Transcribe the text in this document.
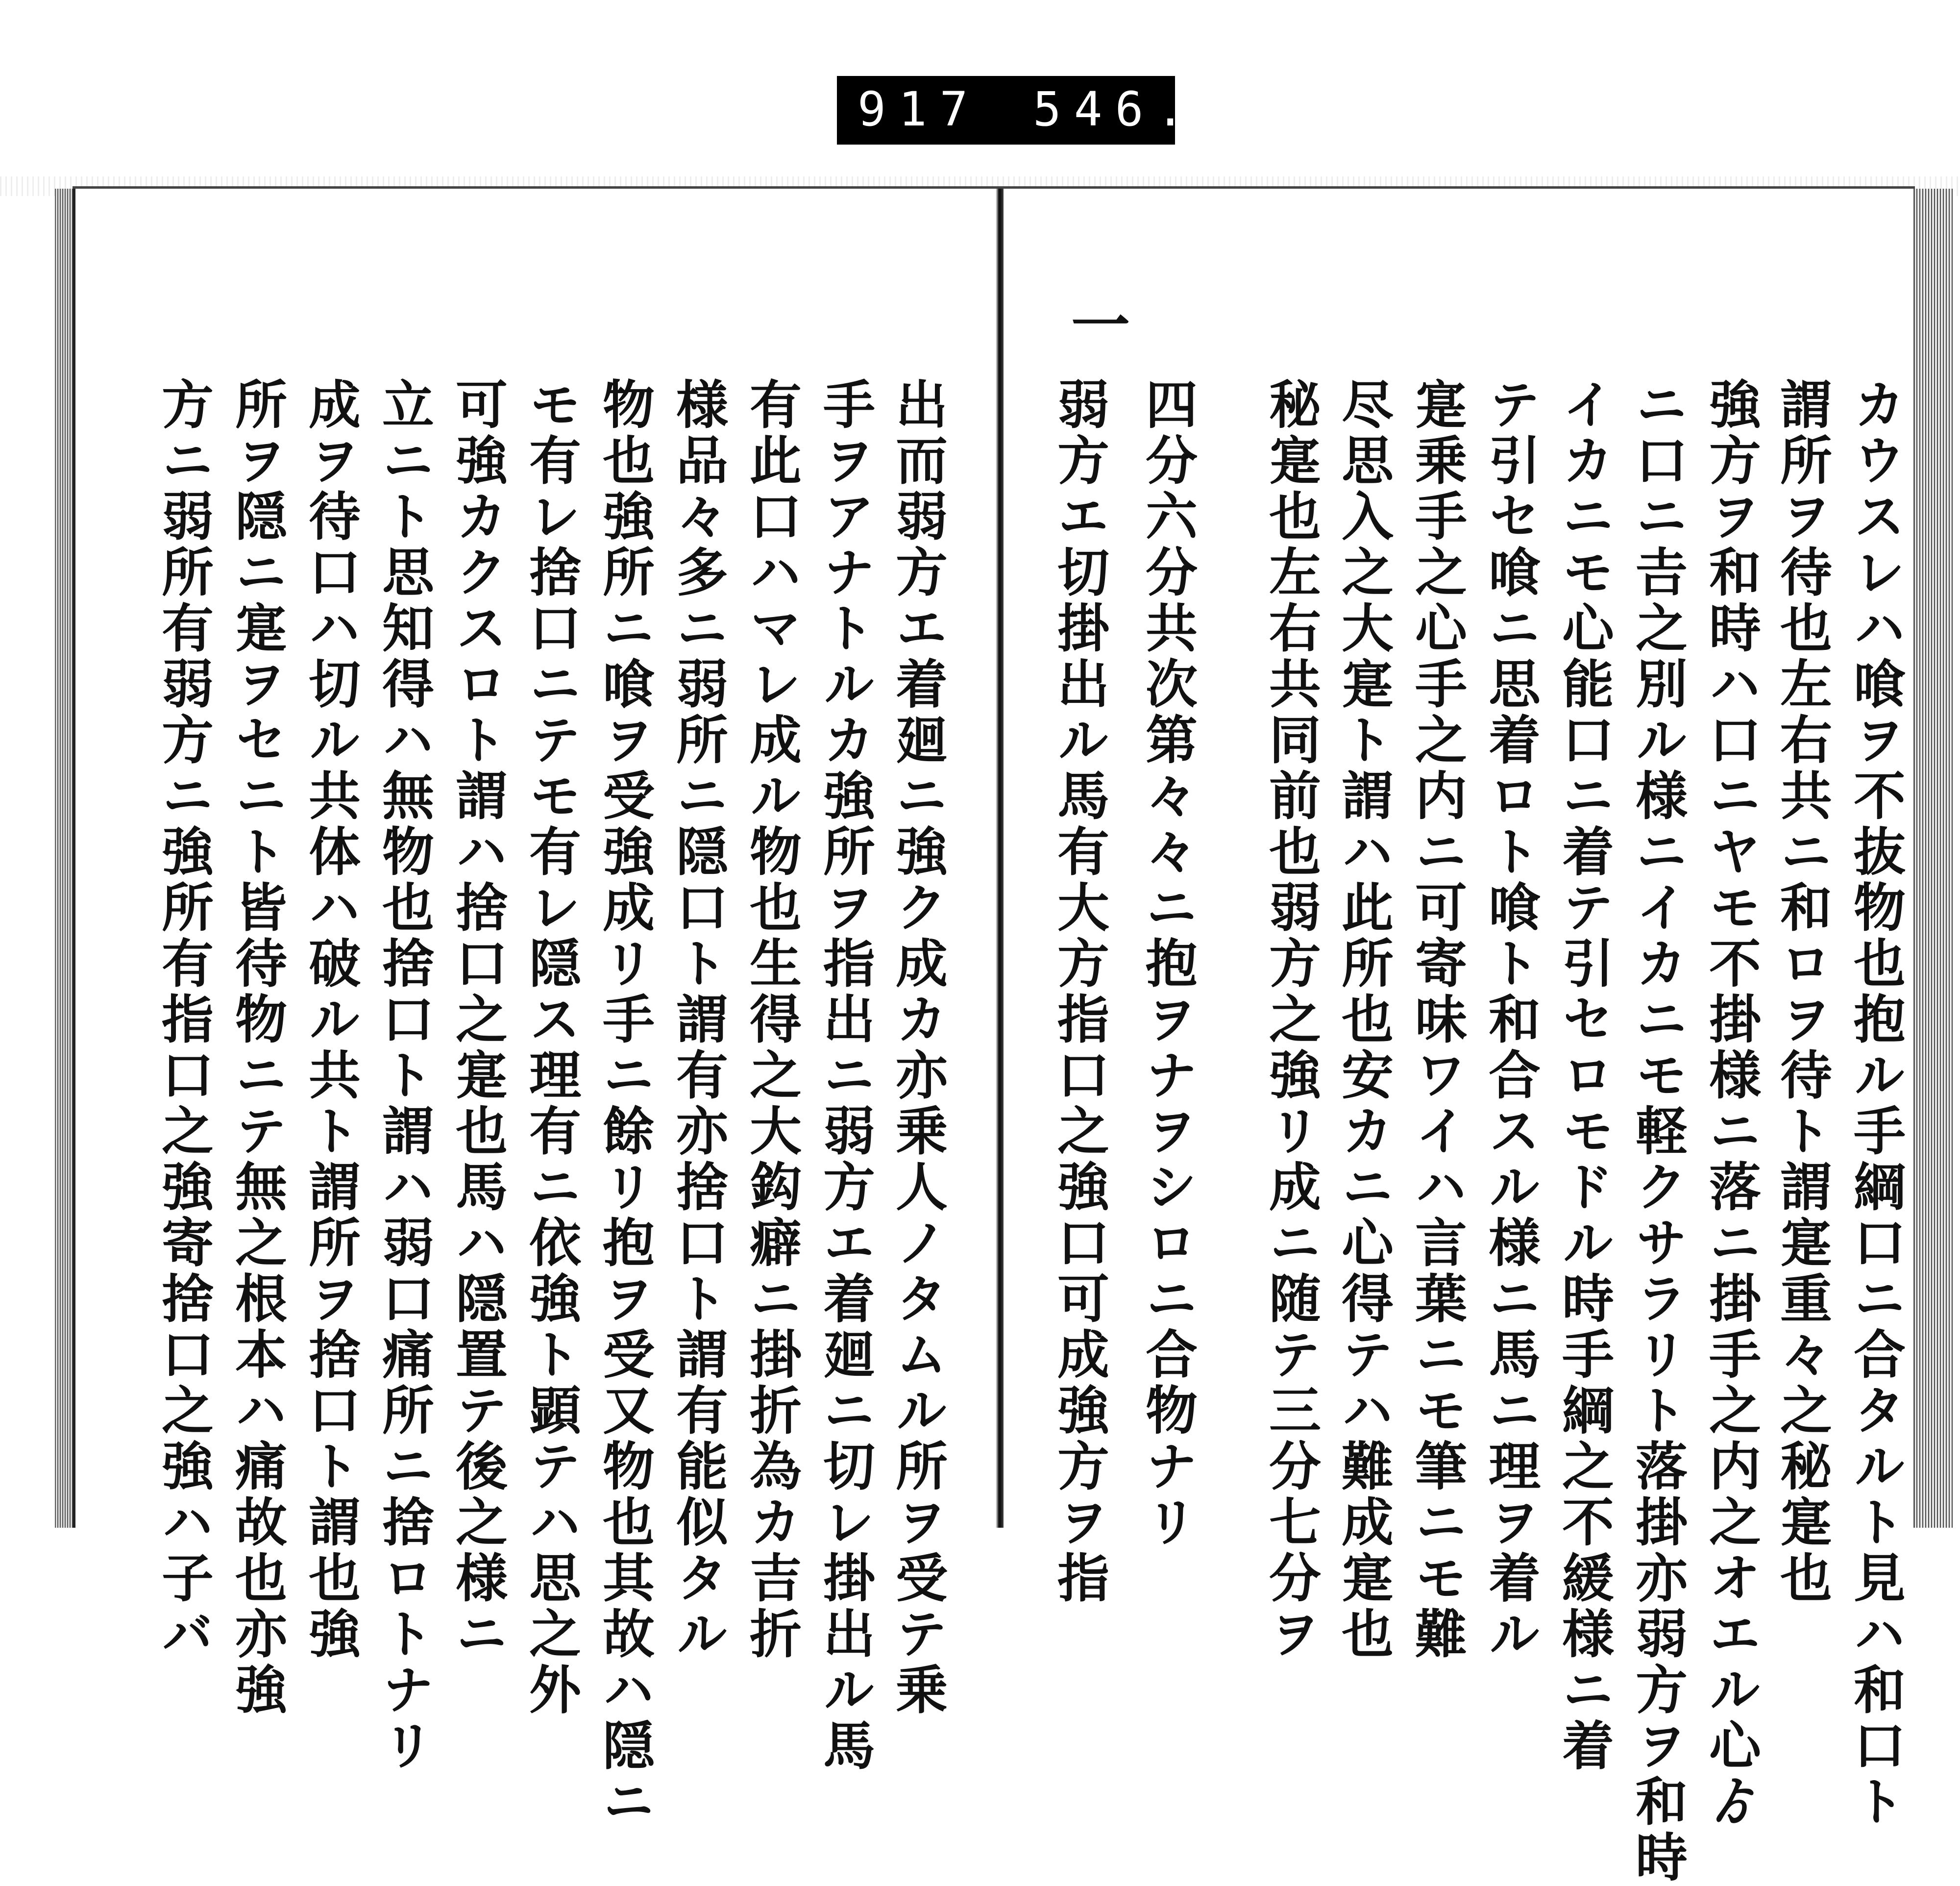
917 546.
カウスレハ喰ヲ不抜物也抱ル手綱口ニ合タルト見ハ和口ト
謂所ヲ待也左右共ニ和ロヲ待ト謂寔重々之秘寔也
強方ヲ和時ハ口ニヤモ不掛様ニ落ニ掛手之内之オエル心ゟ
ニ口ニ𠮷之別ル様ニイカニモ軽クサラリト落掛亦弱方ヲ和時
イカニモ心能口ニ着テ引セロモドル時手綱之不緩様ニ着
テ引セ喰ニ思着ロト喰ト和合スル様ニ馬ニ理ヲ着ル
寔乗手之心手之内ニ可寄味ワイハ言葉ニモ筆ニモ難
尽思入之大寔ト謂ハ此所也安カニ心得テハ難成寔也
秘寔也左右共同前也弱方之強リ成ニ随テ三分七分ヲ
四分六分共次第々々ニ抱ヲナヲシロニ合物ナリ
一
弱方エ切掛出ル馬有大方指口之強口可成強方ヲ指
出而弱方エ着廻ニ強ク成カ亦乗人ノタムル所ヲ受テ乗
手ヲアナトルカ強所ヲ指出ニ弱方エ着廻ニ切レ掛出ル馬
有此口ハマレ成ル物也生得之大鈎癖ニ掛折為カ吉折
様品々多ニ弱所ニ隠口ト謂有亦捨口ト謂有能似タル
物也強所ニ喰ヲ受強成リ手ニ餘リ抱ヲ受又物也其故ハ隠ニ
モ有レ捨口ニテモ有レ隠ス理有ニ依強ト顕テハ思之外
可強カクスロト謂ハ捨口之寔也馬ハ隠置テ後之様ニ
立ニト思知得ハ無物也捨口ト謂ハ弱口痛所ニ捨ロトナリ
成ヲ待口ハ切ル共体ハ破ル共ト謂所ヲ捨口ト謂也強
所ヲ隠ニ寔ヲセニト皆待物ニテ無之根本ハ痛故也亦強
方ニ弱所有弱方ニ強所有指口之強寄捨口之強ハ子バ
